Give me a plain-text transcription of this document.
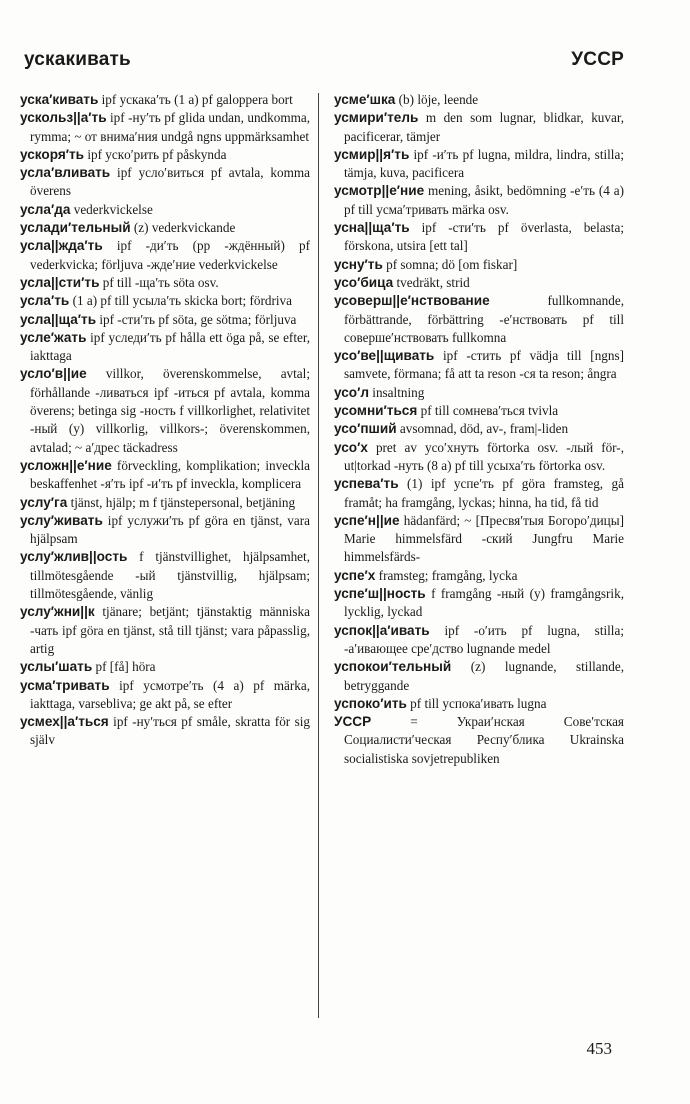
ускакивать	УССР

уска′кивать ipf ускака′ть (1 а) pf galoppera bort

ускольз||а′ть ipf -ну′ть pf glida undan, undkomma, rymma; ~ от внима′ния undgå ngns uppmärksamhet

ускоря′ть ipf ускo′рить pf påskynda

усла′вливать ipf усло′виться pf avtala, komma överens

усла′да vederkvickelse

услади′тельный (z) vederkvickande

услa||жда′ть ipf -ди′ть (pp -ждённый) pf vederkvicka; förljuva -жде′ние vederkvickelse

услa||сти′ть pf till -ща′ть söta osv.

усла′ть (1 а) pf till усыла′ть skicka bort; fördriva

услa||ща′ть ipf -сти′ть pf söta, ge sötma; förljuva

усле′жать ipf уследи′ть pf hålla ett öga på, se efter, iakttaga

усло′в||ие villkor, överenskommelse, avtal; förhållande -ливаться ipf -иться pf avtala, komma överens; betinga sig -ность f villkorlighet, relativitet -ный (у) villkorlig, villkors-; överenskommen, avtalad; ~ а′дрес täckadress

усложн||е′ние förveckling, komplikation; inveckla beskaffenhet -я′ть ipf -и′ть pf inveckla, komplicera

услу′га tjänst, hjälp; m f tjänstepersonal, betjäning

услу′живать ipf услужи′ть pf göra en tjänst, vara hjälpsam

услу′жлив||ость f tjänstvillighet, hjälpsamhet, tillmötesgående -ый tjänstvillig, hjälpsam; tillmötesgående, vänlig

услу′жни||к tjänare; betjänt; tjänstaktig människa -чать ipf göra en tjänst, stå till tjänst; vara påpasslig, artig

услы′шать pf [få] höra

усма′тривать ipf усмотре′ть (4 а) pf märka, iakttaga, varsebliva; ge akt på, se efter

усмех||а′ться ipf -ну′ться pf småle, skratta för sig själv

усме′шка (b) löje, leende

усмири′тель m den som lugnar, blidkar, kuvar, pacificerar, tämjer

усмир||я′ть ipf -и′ть pf lugna, mildra, lindra, stilla; tämja, kuva, pacificera

усмотр||е′ние mening, åsikt, bedömning -е′ть (4 а) pf till усма′тривать märka osv.

усна||ща′ть ipf -сти′ть pf överlasta, belasta; förskona, utsira [ett tal]

усну′ть pf somna; dö [om fiskar]

усо′бица tvedräkt, strid

усоверш||е′нствование fullkomnande, förbättrande, förbättring -е′нствовать pf till соверше′нствовать fullkomna

усо′ве||щивать ipf -стить pf vädja till [ngns] samvete, förmana; få att ta reson -ся ta reson; ångra

усо′л insaltning

усомни′ться pf till сомнева′ться tvivla

усо′пший avsomnad, död, av-, fram|-liden

усо′х pret av усо′хнуть förtorka osv. -лый för-, ut|torkad -нуть (8 а) pf till усыха′ть förtorka osv.

успева′ть (1) ipf успе′ть pf göra framsteg, gå framåt; ha framgång, lyckas; hinna, ha tid, få tid

успе′н||ие hädanfärd; ~ [Пресвя′тыя Богоро′дицы] Marie himmelsfärd -ский Jungfru Marie himmelsfärds-

успе′х framsteg; framgång, lycka

успе′ш||ность f framgång -ный (у) framgångsrik, lycklig, lyckad

успок||а′ивать ipf -о′ить pf lugna, stilla; -а′ивающее сре′дство lugnande medel

успокои′тельный (z) lugnande, stillande, betryggande

успоко′ить pf till успока′ивать lugna

УССР = Украи′нская Сове′тская Социалисти′ческая Респу′блика Ukrainska socialistiska sovjetrepubliken

453
